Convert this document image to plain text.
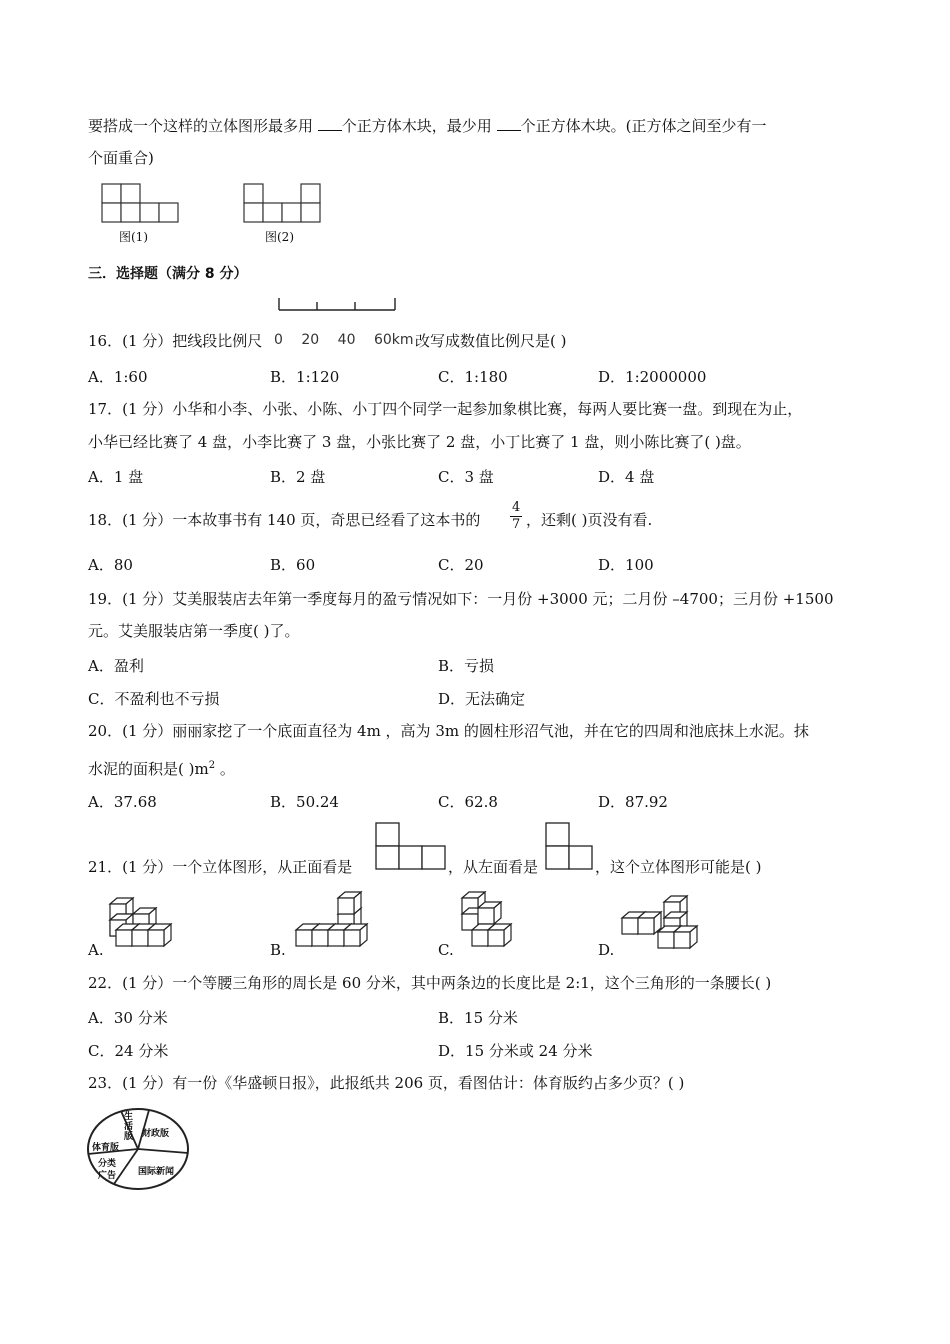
要搭成一个这样的立体图形最多用 个正方体木块，最少用 个正方体木块。(正方体之间至少有一
个面重合)
图(1)	图(2)
三．选择题（满分 8 分）
16．(1 分）把线段比例尺 0 20 40 60km 改写成数值比例尺是( )
A．1:60	B．1:120	C．1:180	D．1:2000000
17．(1 分）小华和小李、小张、小陈、小丁四个同学一起参加象棋比赛，每两人要比赛一盘。到现在为止，
小华已经比赛了 4 盘，小李比赛了 3 盘，小张比赛了 2 盘，小丁比赛了 1 盘，则小陈比赛了( )盘。
A．1 盘	B．2 盘	C．3 盘	D．4 盘
18．(1 分）一本故事书有 140 页，奇思已经看了这本书的 $\frac{4}{7}$ ，还剩( )页没有看.
A．80	B．60	C．20	D．100
19．(1 分）艾美服装店去年第一季度每月的盈亏情况如下：一月份 +3000 元；二月份 –4700；三月份 +1500
元。艾美服装店第一季度( )了。
A．盈利	B．亏损
C．不盈利也不亏损	D．无法确定
20．(1 分）丽丽家挖了一个底面直径为 4m ，高为 3m 的圆柱形沼气池，并在它的四周和池底抹上水泥。抹
水泥的面积是( )$m^2$ 。
A．37.68	B．50.24	C．62.8	D．87.92
21．(1 分）一个立体图形，从正面看是	，从左面看是	，这个立体图形可能是( )
A.	B.	C.	D.
22．(1 分）一个等腰三角形的周长是 60 分米，其中两条边的长度比是 2:1，这个三角形的一条腰长( )
A．30 分米	B．15 分米
C．24 分米	D．15 分米或 24 分米
23．(1 分）有一份《华盛顿日报》，此报纸共 206 页，看图估计：体育版约占多少页？( )
生
活
版 财政版
国际新闻
分类
广告
体育版
